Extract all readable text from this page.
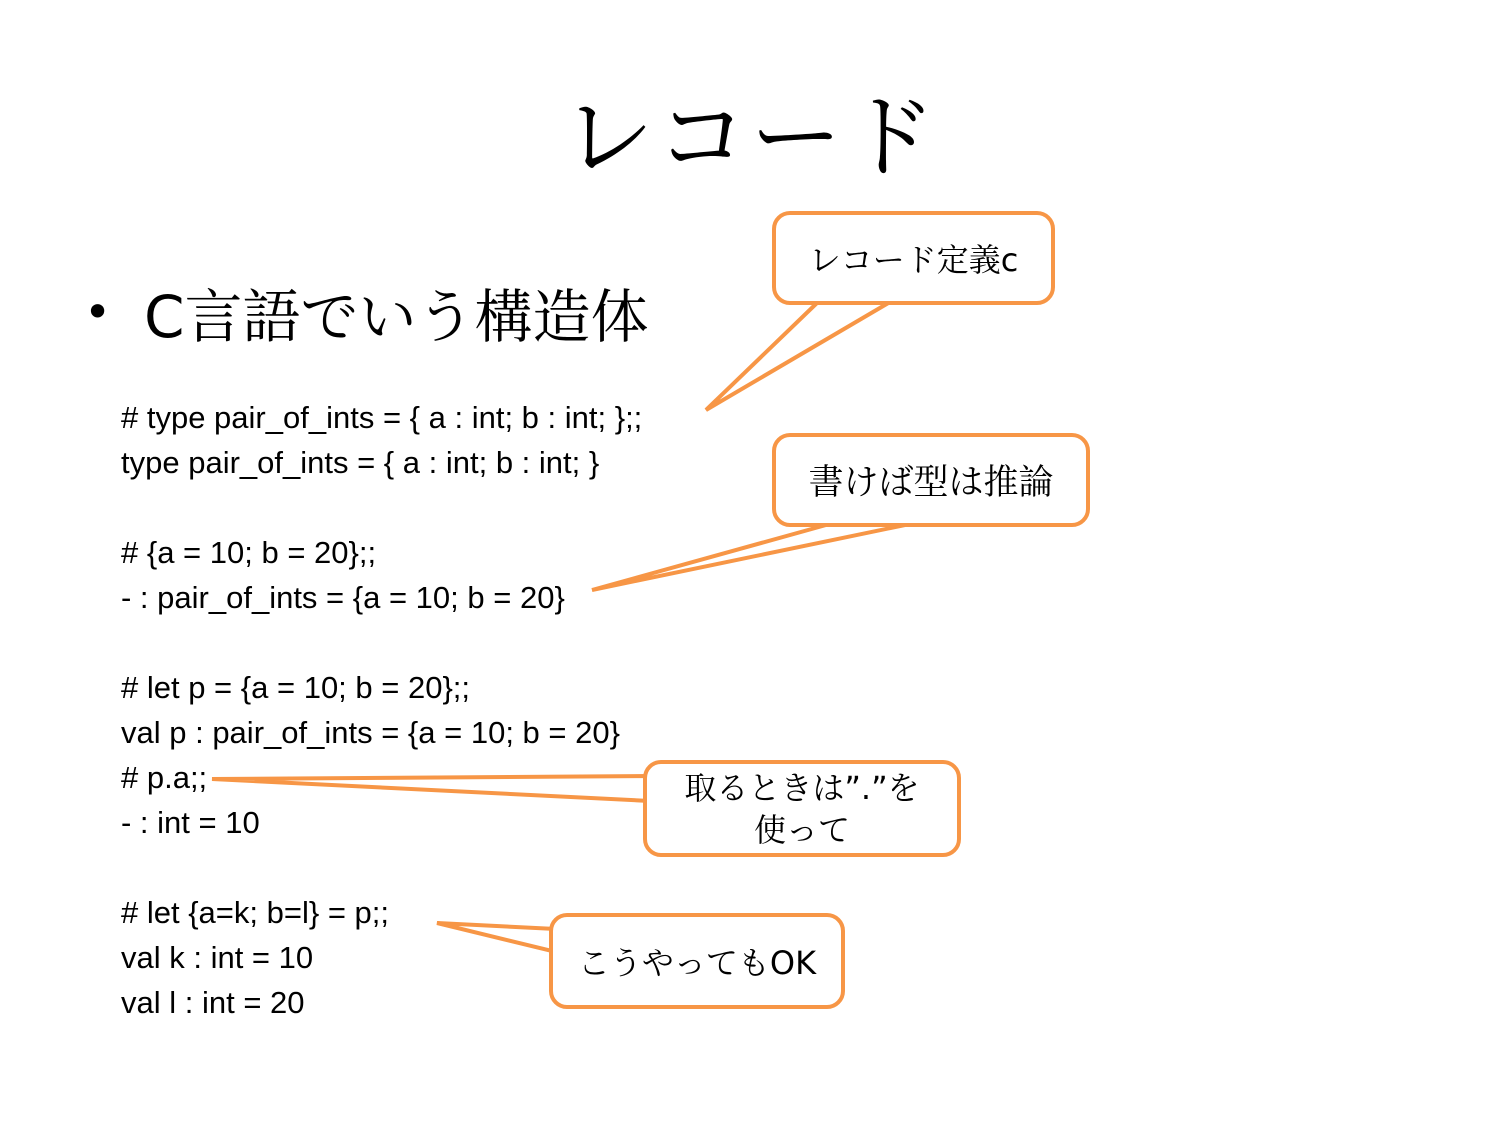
レコード
• C言語でいう構造体
# type pair_of_ints = { a : int; b : int; };;
type pair_of_ints = { a : int; b : int; }
# {a = 10; b = 20};;
- : pair_of_ints = {a = 10; b = 20}
# let p = {a = 10; b = 20};;
val p : pair_of_ints = {a = 10; b = 20}
# p.a;;
- : int = 10
# let {a=k; b=l} = p;;
val k : int = 10
val l : int = 20
レコード定義c
書けば型は推論
取るときは”.”を
使って
こうやってもOK
